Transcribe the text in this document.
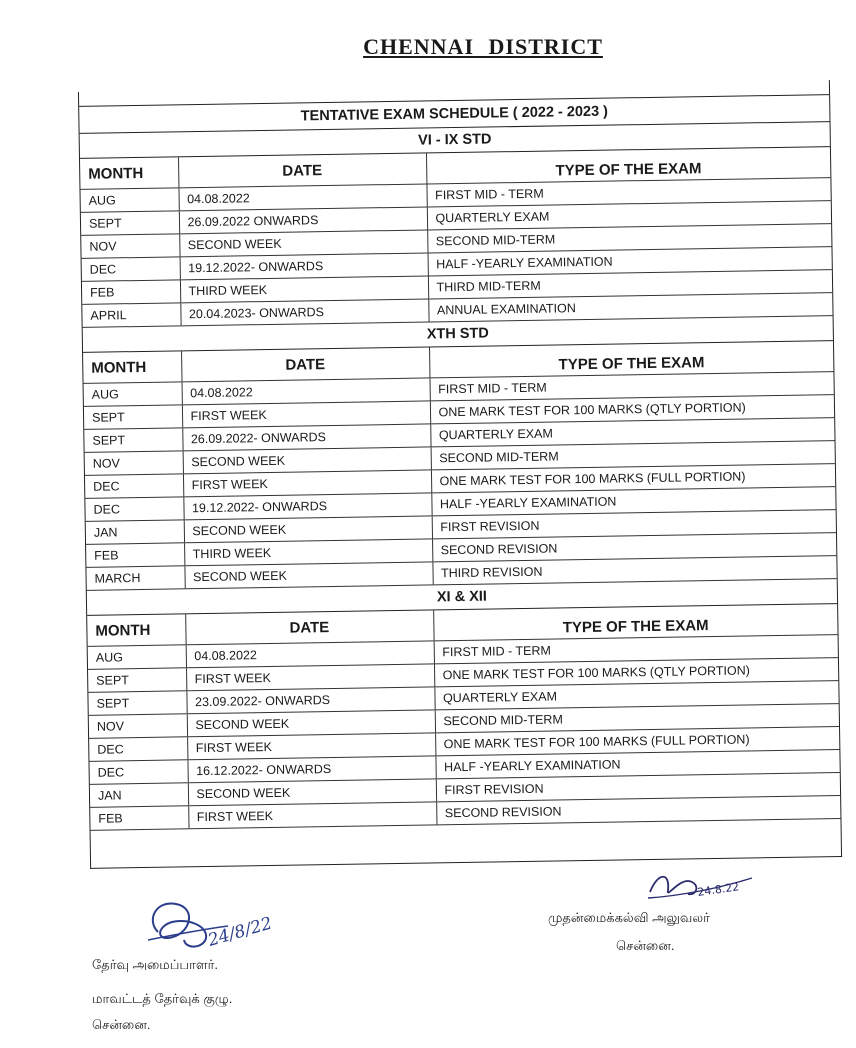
CHENNAI DISTRICT
TENTATIVE EXAM SCHEDULE ( 2022 - 2023 )
VI - IX STD
MONTH	DATE	TYPE OF THE EXAM
AUG	04.08.2022	FIRST MID - TERM
SEPT	26.09.2022 ONWARDS	QUARTERLY EXAM
NOV	SECOND WEEK	SECOND MID-TERM
DEC	19.12.2022- ONWARDS	HALF -YEARLY EXAMINATION
FEB	THIRD WEEK	THIRD MID-TERM
APRIL	20.04.2023- ONWARDS	ANNUAL EXAMINATION
XTH STD
MONTH	DATE	TYPE OF THE EXAM
AUG	04.08.2022	FIRST MID - TERM
SEPT	FIRST WEEK	ONE MARK TEST FOR 100 MARKS (QTLY PORTION)
SEPT	26.09.2022- ONWARDS	QUARTERLY EXAM
NOV	SECOND WEEK	SECOND MID-TERM
DEC	FIRST WEEK	ONE MARK TEST FOR 100 MARKS (FULL PORTION)
DEC	19.12.2022- ONWARDS	HALF -YEARLY EXAMINATION
JAN	SECOND WEEK	FIRST REVISION
FEB	THIRD WEEK	SECOND REVISION
MARCH	SECOND WEEK	THIRD REVISION
XI & XII
MONTH	DATE	TYPE OF THE EXAM
AUG	04.08.2022	FIRST MID - TERM
SEPT	FIRST WEEK	ONE MARK TEST FOR 100 MARKS (QTLY PORTION)
SEPT	23.09.2022- ONWARDS	QUARTERLY EXAM
NOV	SECOND WEEK	SECOND MID-TERM
DEC	FIRST WEEK	ONE MARK TEST FOR 100 MARKS (FULL PORTION)
DEC	16.12.2022- ONWARDS	HALF -YEARLY EXAMINATION
JAN	SECOND WEEK	FIRST REVISION
FEB	FIRST WEEK	SECOND REVISION
24/8/22
24.8.22
தேர்வு அமைப்பாளர்.
மாவட்டத் தேர்வுக் குழு.
சென்னை.
முதன்மைக்கல்வி அலுவலர்
சென்னை.
